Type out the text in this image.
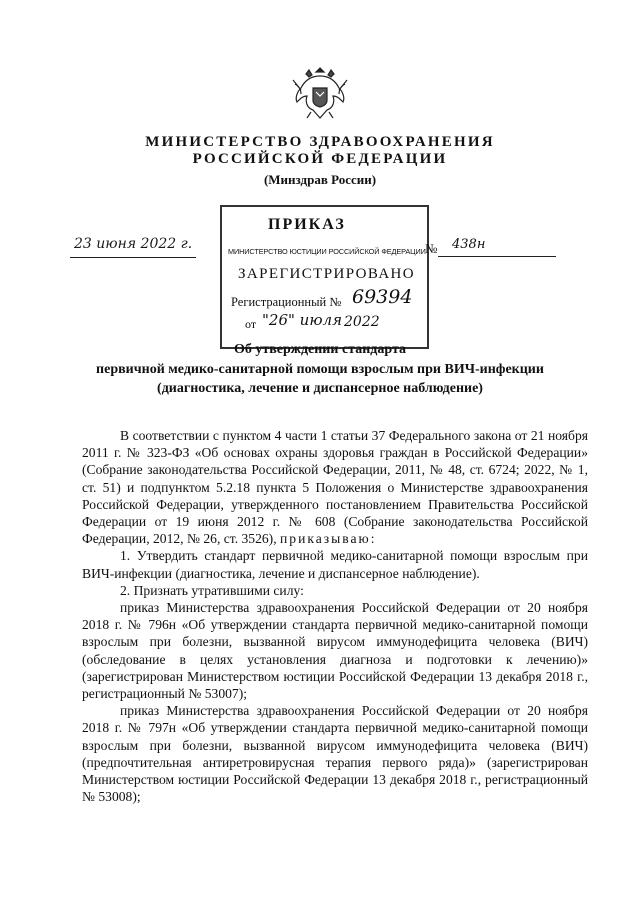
МИНИСТЕРСТВО ЗДРАВООХРАНЕНИЯ
РОССИЙСКОЙ ФЕДЕРАЦИИ
(Минздрав России)
ПРИКАЗ
МИНИСТЕРСТВО ЮСТИЦИИ РОССИЙСКОЙ ФЕДЕРАЦИИ
ЗАРЕГИСТРИРОВАНО
Регистрационный № 69394
от "26" июля 2022
23 июня 2022 г.	№ 438н
Об утверждении стандарта
первичной медико-санитарной помощи взрослым при ВИЧ-инфекции
(диагностика, лечение и диспансерное наблюдение)

В соответствии с пунктом 4 части 1 статьи 37 Федерального закона от 21 ноября 2011 г. № 323-ФЗ «Об основах охраны здоровья граждан в Российской Федерации» (Собрание законодательства Российской Федерации, 2011, № 48, ст. 6724; 2022, № 1, ст. 51) и подпунктом 5.2.18 пункта 5 Положения о Министерстве здравоохранения Российской Федерации, утвержденного постановлением Правительства Российской Федерации от 19 июня 2012 г. № 608 (Собрание законодательства Российской Федерации, 2012, № 26, ст. 3526), приказываю:

1. Утвердить стандарт первичной медико-санитарной помощи взрослым при ВИЧ-инфекции (диагностика, лечение и диспансерное наблюдение).

2. Признать утратившими силу:

приказ Министерства здравоохранения Российской Федерации от 20 ноября 2018 г. № 796н «Об утверждении стандарта первичной медико-санитарной помощи взрослым при болезни, вызванной вирусом иммунодефицита человека (ВИЧ) (обследование в целях установления диагноза и подготовки к лечению)» (зарегистрирован Министерством юстиции Российской Федерации 13 декабря 2018 г., регистрационный № 53007);

приказ Министерства здравоохранения Российской Федерации от 20 ноября 2018 г. № 797н «Об утверждении стандарта первичной медико-санитарной помощи взрослым при болезни, вызванной вирусом иммунодефицита человека (ВИЧ) (предпочтительная антиретровирусная терапия первого ряда)» (зарегистрирован Министерством юстиции Российской Федерации 13 декабря 2018 г., регистрационный № 53008);
